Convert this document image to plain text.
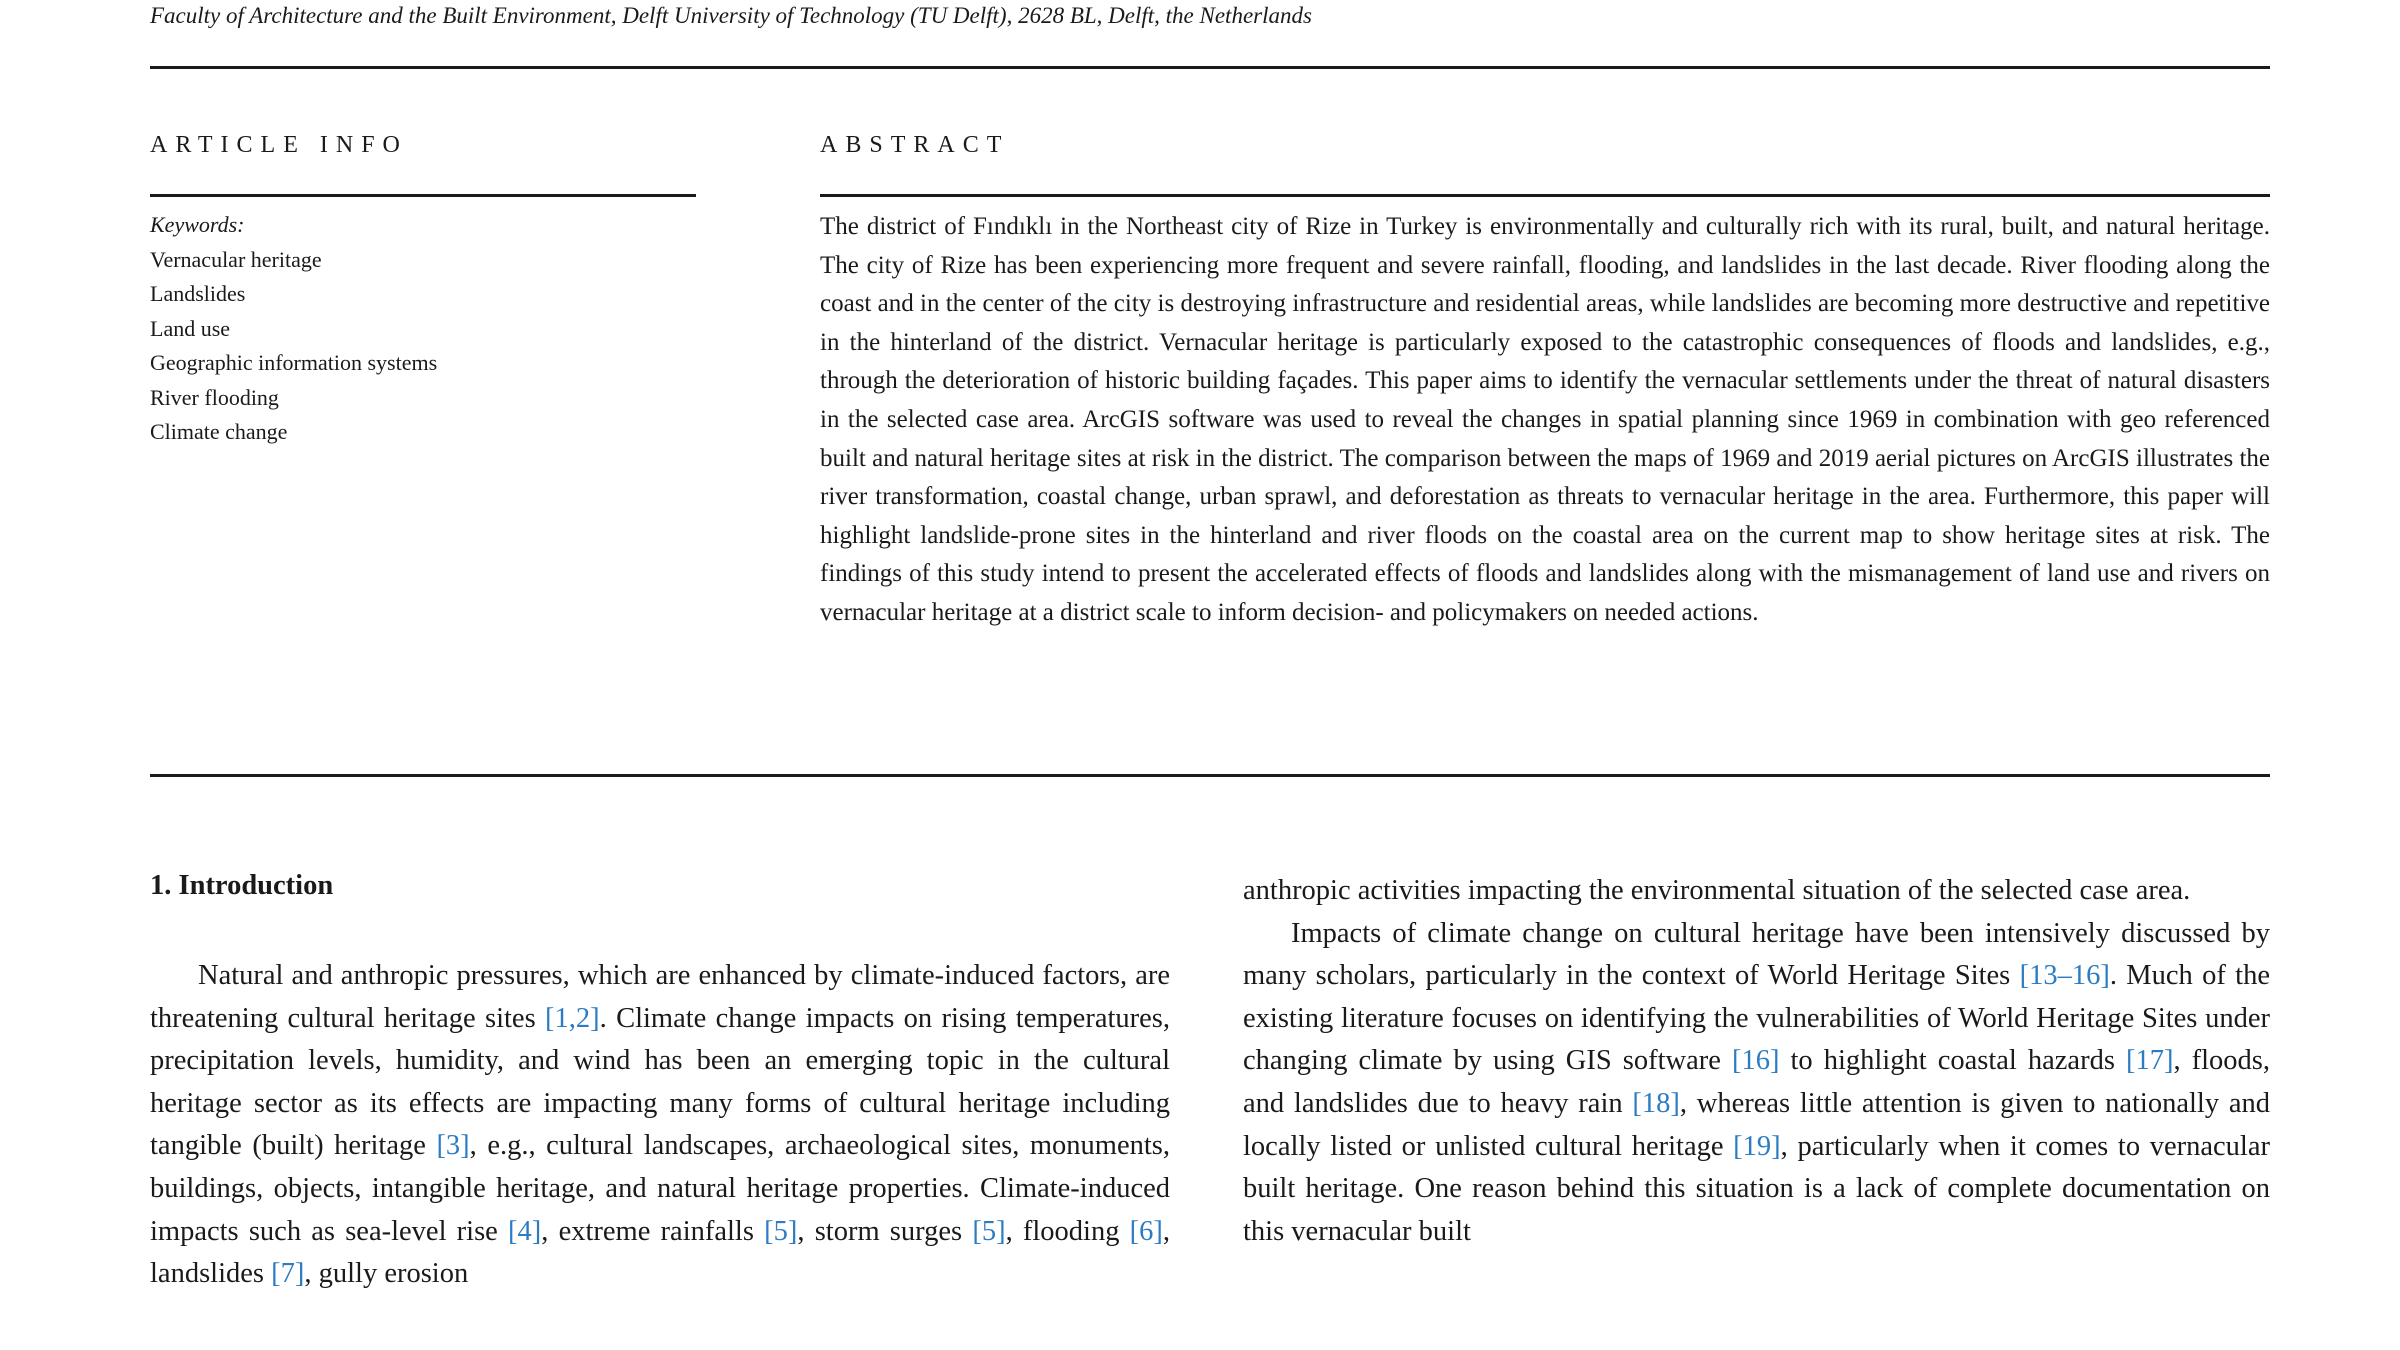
Faculty of Architecture and the Built Environment, Delft University of Technology (TU Delft), 2628 BL, Delft, the Netherlands
ARTICLE INFO
Keywords:
Vernacular heritage
Landslides
Land use
Geographic information systems
River flooding
Climate change
ABSTRACT
The district of Fındıklı in the Northeast city of Rize in Turkey is environmentally and culturally rich with its rural, built, and natural heritage. The city of Rize has been experiencing more frequent and severe rainfall, flooding, and landslides in the last decade. River flooding along the coast and in the center of the city is destroying infrastructure and residential areas, while landslides are becoming more destructive and repetitive in the hinterland of the district. Vernacular heritage is particularly exposed to the catastrophic consequences of floods and landslides, e.g., through the deterioration of historic building façades. This paper aims to identify the vernacular settlements under the threat of natural disasters in the selected case area. ArcGIS software was used to reveal the changes in spatial planning since 1969 in combination with geo referenced built and natural heritage sites at risk in the district. The comparison between the maps of 1969 and 2019 aerial pictures on ArcGIS illustrates the river transformation, coastal change, urban sprawl, and deforestation as threats to vernacular heritage in the area. Furthermore, this paper will highlight landslide-prone sites in the hinterland and river floods on the coastal area on the current map to show heritage sites at risk. The findings of this study intend to present the accelerated effects of floods and landslides along with the mismanagement of land use and rivers on vernacular heritage at a district scale to inform decision- and policymakers on needed actions.
1. Introduction

Natural and anthropic pressures, which are enhanced by climate-induced factors, are threatening cultural heritage sites [1,2]. Climate change impacts on rising temperatures, precipitation levels, humidity, and wind has been an emerging topic in the cultural heritage sector as its effects are impacting many forms of cultural heritage including tangible (built) heritage [3], e.g., cultural landscapes, archaeological sites, monuments, buildings, objects, intangible heritage, and natural heritage properties. Climate-induced impacts such as sea-level rise [4], extreme rainfalls [5], storm surges [5], flooding [6], landslides [7], gully erosion

anthropic activities impacting the environmental situation of the selected case area.

Impacts of climate change on cultural heritage have been intensively discussed by many scholars, particularly in the context of World Heritage Sites [13–16]. Much of the existing literature focuses on identifying the vulnerabilities of World Heritage Sites under changing climate by using GIS software [16] to highlight coastal hazards [17], floods, and landslides due to heavy rain [18], whereas little attention is given to nationally and locally listed or unlisted cultural heritage [19], particularly when it comes to vernacular built heritage. One reason behind this situation is a lack of complete documentation on this vernacular built
